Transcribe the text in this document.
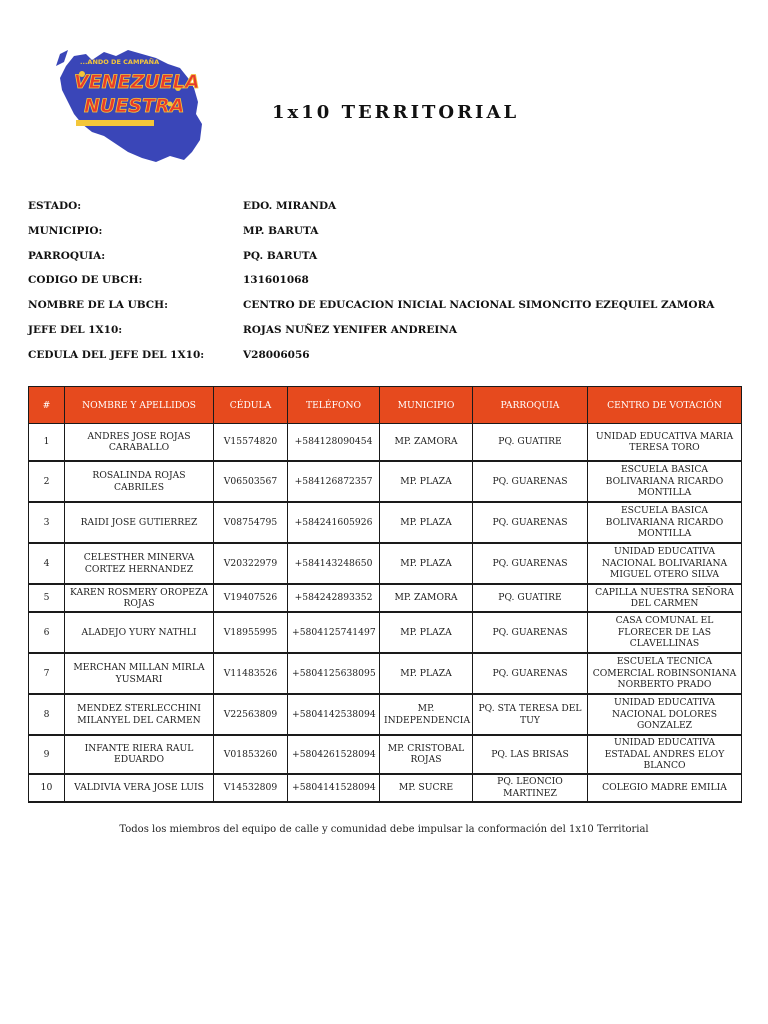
...ANDO DE CAMPAÑA
VENEZUELA
NUESTRA	1x10 TERRITORIAL
ESTADO:	EDO. MIRANDA
MUNICIPIO:	MP. BARUTA
PARROQUIA:	PQ. BARUTA
CODIGO DE UBCH:	131601068
NOMBRE DE LA UBCH:	CENTRO DE EDUCACION INICIAL NACIONAL SIMONCITO EZEQUIEL ZAMORA
JEFE DEL 1X10:	ROJAS NUÑEZ YENIFER ANDREINA
CEDULA DEL JEFE DEL 1X10:	V28006056
#	NOMBRE Y APELLIDOS	CÉDULA	TELÉFONO	MUNICIPIO	PARROQUIA	CENTRO DE VOTACIÓN
1	ANDRES JOSE ROJAS CARABALLO	V15574820	+584128090454	MP. ZAMORA	PQ. GUATIRE	UNIDAD EDUCATIVA MARIA TERESA TORO
2	ROSALINDA ROJAS CABRILES	V06503567	+584126872357	MP. PLAZA	PQ. GUARENAS	ESCUELA BASICA BOLIVARIANA RICARDO MONTILLA
3	RAIDI JOSE GUTIERREZ	V08754795	+584241605926	MP. PLAZA	PQ. GUARENAS	ESCUELA BASICA BOLIVARIANA RICARDO MONTILLA
4	CELESTHER MINERVA CORTEZ HERNANDEZ	V20322979	+584143248650	MP. PLAZA	PQ. GUARENAS	UNIDAD EDUCATIVA NACIONAL BOLIVARIANA MIGUEL OTERO SILVA
5	KAREN ROSMERY OROPEZA ROJAS	V19407526	+584242893352	MP. ZAMORA	PQ. GUATIRE	CAPILLA NUESTRA SEÑORA DEL CARMEN
6	ALADEJO YURY NATHLI	V18955995	+5804125741497	MP. PLAZA	PQ. GUARENAS	CASA COMUNAL EL FLORECER DE LAS CLAVELLINAS
7	MERCHAN MILLAN MIRLA YUSMARI	V11483526	+5804125638095	MP. PLAZA	PQ. GUARENAS	ESCUELA TECNICA COMERCIAL ROBINSONIANA NORBERTO PRADO
8	MENDEZ STERLECCHINI MILANYEL DEL CARMEN	V22563809	+5804142538094	MP. INDEPENDENCIA	PQ. STA TERESA DEL TUY	UNIDAD EDUCATIVA NACIONAL DOLORES GONZALEZ
9	INFANTE RIERA RAUL EDUARDO	V01853260	+5804261528094	MP. CRISTOBAL ROJAS	PQ. LAS BRISAS	UNIDAD EDUCATIVA ESTADAL ANDRES ELOY BLANCO
10	VALDIVIA VERA JOSE LUIS	V14532809	+5804141528094	MP. SUCRE	PQ. LEONCIO MARTINEZ	COLEGIO MADRE EMILIA
Todos los miembros del equipo de calle y comunidad debe impulsar la conformación del 1x10 Territorial
